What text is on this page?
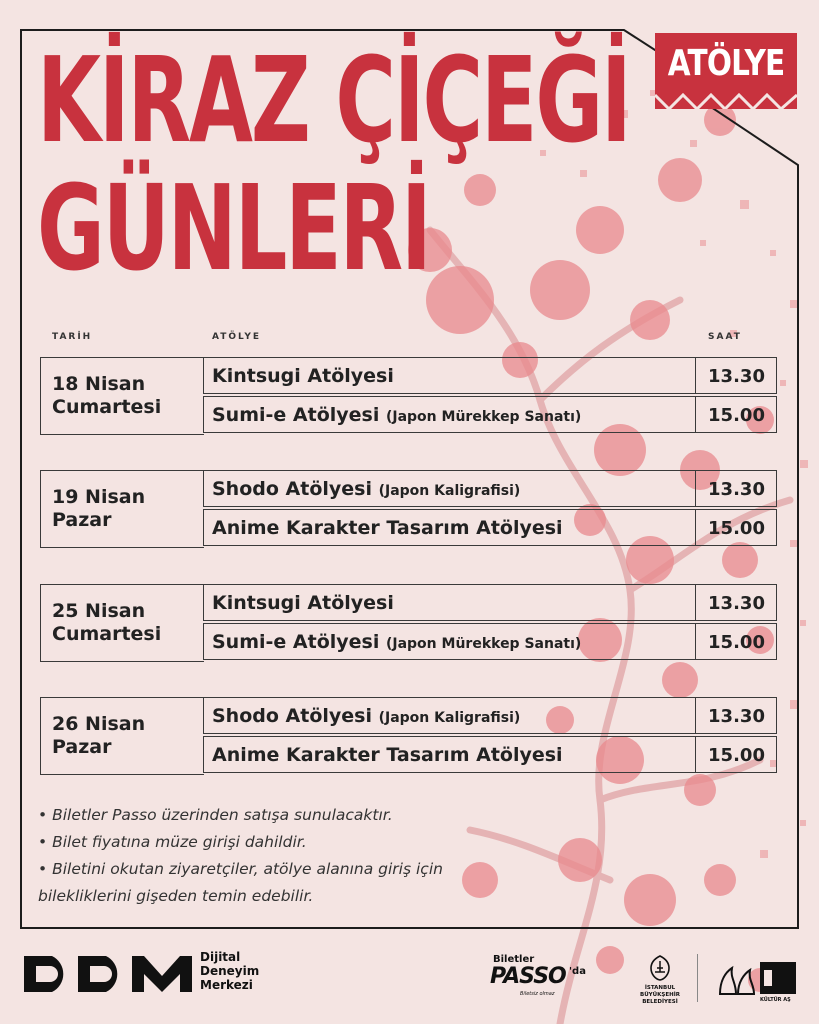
KİRAZ ÇİÇEĞİ
GÜNLERİ
ATÖLYE
TARİH	ATÖLYE	SAAT
18 Nisan
Cumartesi
Kintsugi Atölyesi	13.30
Sumi-e Atölyesi (Japon Mürekkep Sanatı)	15.00
19 Nisan
Pazar
Shodo Atölyesi (Japon Kaligrafisi)	13.30
Anime Karakter Tasarım Atölyesi	15.00
25 Nisan
Cumartesi
Kintsugi Atölyesi	13.30
Sumi-e Atölyesi (Japon Mürekkep Sanatı)	15.00
26 Nisan
Pazar
Shodo Atölyesi (Japon Kaligrafisi)	13.30
Anime Karakter Tasarım Atölyesi	15.00
• Biletler Passo üzerinden satışa sunulacaktır.
• Bilet fiyatına müze girişi dahildir.
• Biletini okutan ziyaretçiler, atölye alanına giriş için
bilekliklerini gişeden temin edebilir.
Dijital
Deneyim
Merkezi
Biletler
PASSO 'da
Biletsiz olmaz
İSTANBUL
BÜYÜKŞEHİR
BELEDİYESİ	KÜLTÜR AŞ
